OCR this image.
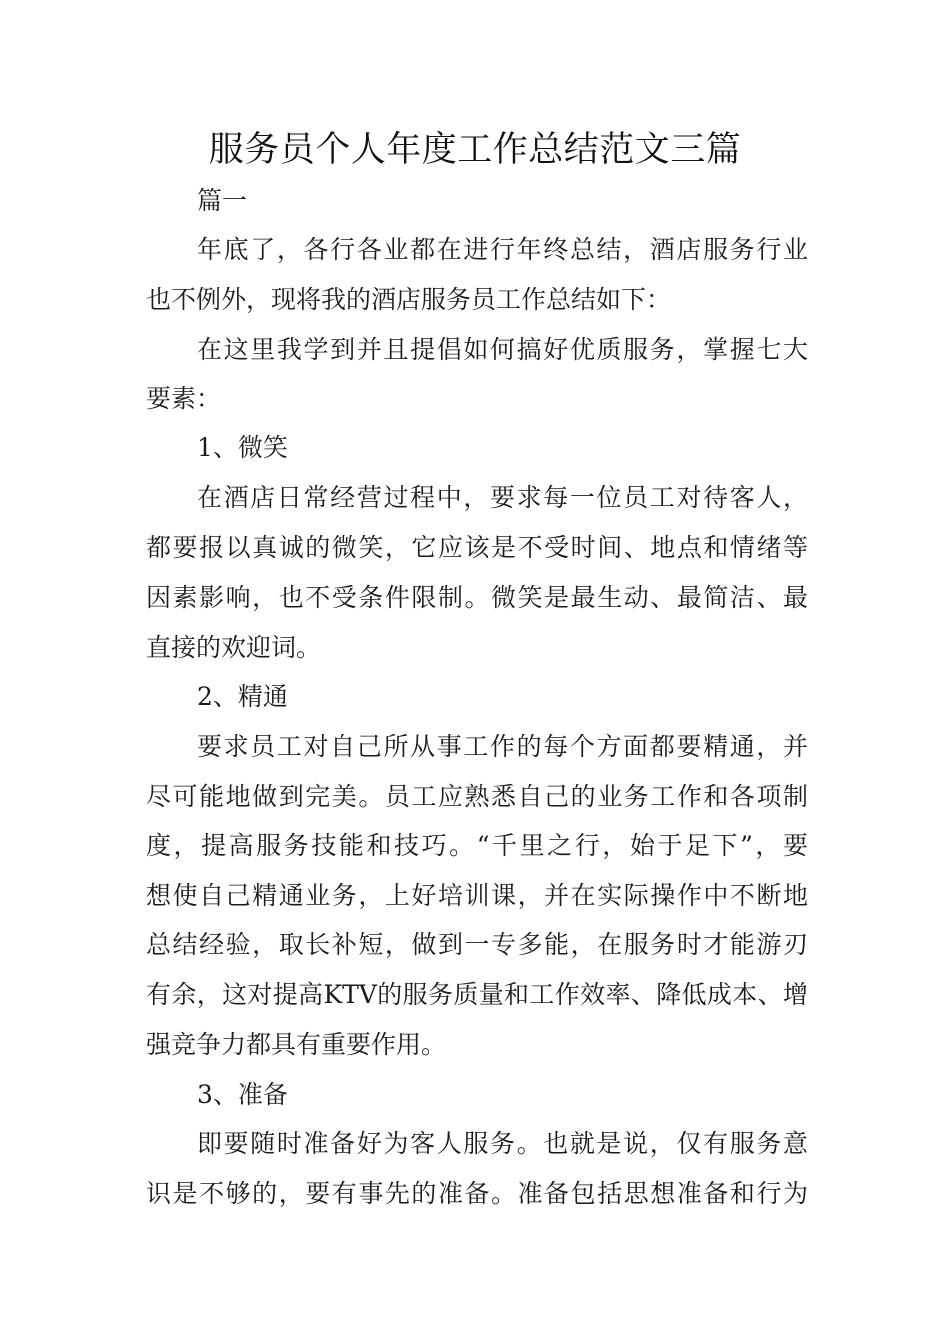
服务员个人年度工作总结范文三篇
篇一
年底了，各行各业都在进行年终总结，酒店服务行业
也不例外，现将我的酒店服务员工作总结如下：
在这里我学到并且提倡如何搞好优质服务，掌握七大
要素：
1、微笑
在酒店日常经营过程中，要求每一位员工对待客人，
都要报以真诚的微笑，它应该是不受时间、地点和情绪等
因素影响，也不受条件限制。微笑是最生动、最简洁、最
直接的欢迎词。
2、精通
要求员工对自己所从事工作的每个方面都要精通，并
尽可能地做到完美。员工应熟悉自己的业务工作和各项制
度，提高服务技能和技巧。“千里之行，始于足下”，要
想使自己精通业务，上好培训课，并在实际操作中不断地
总结经验，取长补短，做到一专多能，在服务时才能游刃
有余，这对提高KTV的服务质量和工作效率、降低成本、增
强竞争力都具有重要作用。
3、准备
即要随时准备好为客人服务。也就是说，仅有服务意
识是不够的，要有事先的准备。准备包括思想准备和行为
